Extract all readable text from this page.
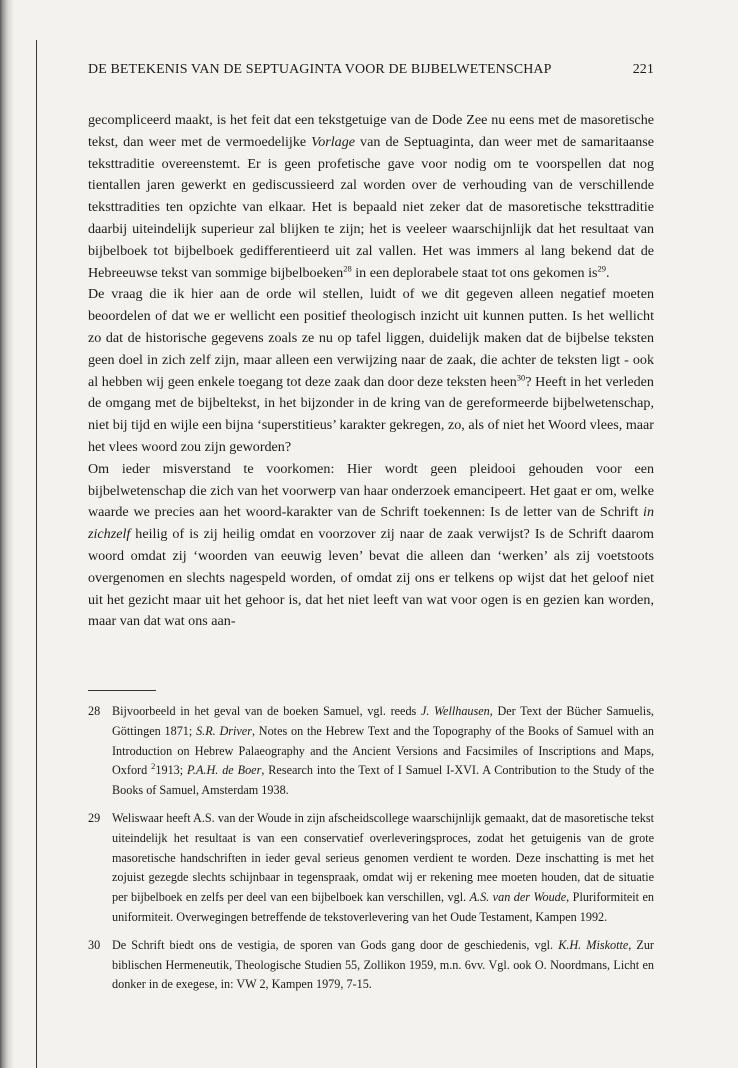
DE BETEKENIS VAN DE SEPTUAGINTA VOOR DE BIJBELWETENSCHAP	221

gecompliceerd maakt, is het feit dat een tekstgetuige van de Dode Zee nu eens met de masoretische tekst, dan weer met de vermoedelijke Vorlage van de Septuaginta, dan weer met de samaritaanse teksttraditie overeenstemt. Er is geen profetische gave voor nodig om te voorspellen dat nog tientallen jaren gewerkt en gediscussieerd zal worden over de verhouding van de verschillende teksttradities ten opzichte van elkaar. Het is bepaald niet zeker dat de masoretische teksttraditie daarbij uiteindelijk superieur zal blijken te zijn; het is veeleer waarschijnlijk dat het resultaat van bijbelboek tot bijbelboek gedifferentieerd uit zal vallen. Het was immers al lang bekend dat de Hebreeuwse tekst van sommige bijbelboeken$^{28}$ in een deplorabele staat tot ons gekomen $is^{29}$.

De vraag die ik hier aan de orde wil stellen, luidt of we dit gegeven alleen negatief moeten beoordelen of dat we er wellicht een positief theologisch inzicht uit kunnen putten. Is het wellicht zo dat de historische gegevens zoals ze nu op tafel liggen, duidelijk maken dat de bijbelse teksten geen doel in zich zelf zijn, maar alleen een verwijzing naar de zaak, die achter de teksten ligt - ook al hebben wij geen enkele toegang tot deze zaak dan door deze teksten heen$^{30}$? Heeft in het verleden de omgang met de bijbeltekst, in het bijzonder in de kring van de gereformeerde bijbelwetenschap, niet bij tijd en wijle een bijna ‘superstitieus’ karakter gekregen, zo, als of niet het Woord vlees, maar het vlees woord zou zijn geworden?

Om ieder misverstand te voorkomen: Hier wordt geen pleidooi gehouden voor een bijbelwetenschap die zich van het voorwerp van haar onderzoek emancipeert. Het gaat er om, welke waarde we precies aan het woord-karakter van de Schrift toekennen: Is de letter van de Schrift in zichzelf heilig of is zij heilig omdat en voorzover zij naar de zaak verwijst? Is de Schrift daarom woord omdat zij ‘woorden van eeuwig leven’ bevat die alleen dan ‘werken’ als zij voetstoots overgenomen en slechts nagespeld worden, of omdat zij ons er telkens op wijst dat het geloof niet uit het gezicht maar uit het gehoor is, dat het niet leeft van wat voor ogen is en gezien kan worden, maar van dat wat ons aan-

28 Bijvoorbeeld in het geval van de boeken Samuel, vgl. reeds J. Wellhausen, Der Text der Bücher Samuelis, Göttingen 1871; S.R. Driver, Notes on the Hebrew Text and the Topography of the Books of Samuel with an Introduction on Hebrew Palaeography and the Ancient Versions and Facsimiles of Inscriptions and Maps, Oxford $^2$1913; P.A.H. de Boer, Research into the Text of I Samuel I-XVI. A Contribution to the Study of the Books of Samuel, Amsterdam 1938.
29 Weliswaar heeft A.S. van der Woude in zijn afscheidscollege waarschijnlijk gemaakt, dat de masoretische tekst uiteindelijk het resultaat is van een conservatief overleveringsproces, zodat het getuigenis van de grote masoretische handschriften in ieder geval serieus genomen verdient te worden. Deze inschatting is met het zojuist gezegde slechts schijnbaar in tegenspraak, omdat wij er rekening mee moeten houden, dat de situatie per bijbelboek en zelfs per deel van een bijbelboek kan verschillen, vgl. A.S. van der Woude, Pluriformiteit en uniformiteit. Overwegingen betreffende de tekstoverlevering van het Oude Testament, Kampen 1992.
30 De Schrift biedt ons de vestigia, de sporen van Gods gang door de geschiedenis, vgl. K.H. Miskotte, Zur biblischen Hermeneutik, Theologische Studien 55, Zollikon 1959, m.n. 6vv. Vgl. ook O. Noordmans, Licht en donker in de exegese, in: VW 2, Kampen 1979, 7-15.
